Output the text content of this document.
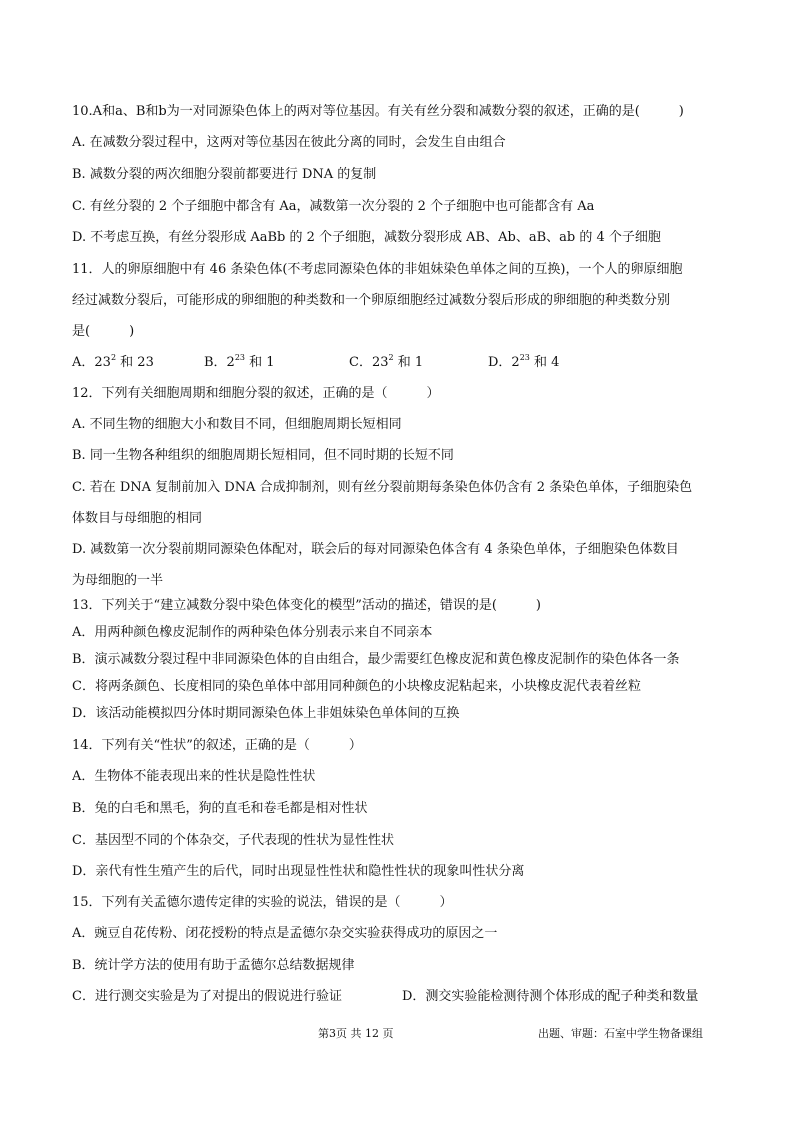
10.A和a、B和b为一对同源染色体上的两对等位基因。有关有丝分裂和减数分裂的叙述，正确的是(　　　)
A. 在减数分裂过程中，这两对等位基因在彼此分离的同时，会发生自由组合
B. 减数分裂的两次细胞分裂前都要进行 DNA 的复制
C. 有丝分裂的 2 个子细胞中都含有 Aa，减数第一次分裂的 2 个子细胞中也可能都含有 Aa
D. 不考虑互换，有丝分裂形成 AaBb 的 2 个子细胞，减数分裂形成 AB、Ab、aB、ab 的 4 个子细胞
11．人的卵原细胞中有 46 条染色体(不考虑同源染色体的非姐妹染色单体之间的互换)，一个人的卵原细胞
经过减数分裂后，可能形成的卵细胞的种类数和一个卵原细胞经过减数分裂后形成的卵细胞的种类数分别
是(　　　)
A．$23^2$ 和 23	B．$2^{23}$ 和 1	C．$23^2$ 和 1	D．$2^{23}$ 和 4
12．下列有关细胞周期和细胞分裂的叙述，正确的是（　　　）
A. 不同生物的细胞大小和数目不同，但细胞周期长短相同
B. 同一生物各种组织的细胞周期长短相同，但不同时期的长短不同
C. 若在 DNA 复制前加入 DNA 合成抑制剂，则有丝分裂前期每条染色体仍含有 2 条染色单体，子细胞染色
体数目与母细胞的相同
D. 减数第一次分裂前期同源染色体配对，联会后的每对同源染色体含有 4 条染色单体，子细胞染色体数目
为母细胞的一半
13．下列关于“建立减数分裂中染色体变化的模型”活动的描述，错误的是(　　　)
A．用两种颜色橡皮泥制作的两种染色体分别表示来自不同亲本
B．演示减数分裂过程中非同源染色体的自由组合，最少需要红色橡皮泥和黄色橡皮泥制作的染色体各一条
C．将两条颜色、长度相同的染色单体中部用同种颜色的小块橡皮泥粘起来，小块橡皮泥代表着丝粒
D．该活动能模拟四分体时期同源染色体上非姐妹染色单体间的互换
14．下列有关“性状”的叙述，正确的是（　　　）
A．生物体不能表现出来的性状是隐性性状
B．兔的白毛和黑毛，狗的直毛和卷毛都是相对性状
C．基因型不同的个体杂交，子代表现的性状为显性性状
D．亲代有性生殖产生的后代，同时出现显性性状和隐性性状的现象叫性状分离
15．下列有关孟德尔遗传定律的实验的说法，错误的是（　　　）
A．豌豆自花传粉、闭花授粉的特点是孟德尔杂交实验获得成功的原因之一
B．统计学方法的使用有助于孟德尔总结数据规律
C．进行测交实验是为了对提出的假说进行验证	D．测交实验能检测待测个体形成的配子种类和数量
第3页 共 12 页	出题、审题：石室中学生物备课组
